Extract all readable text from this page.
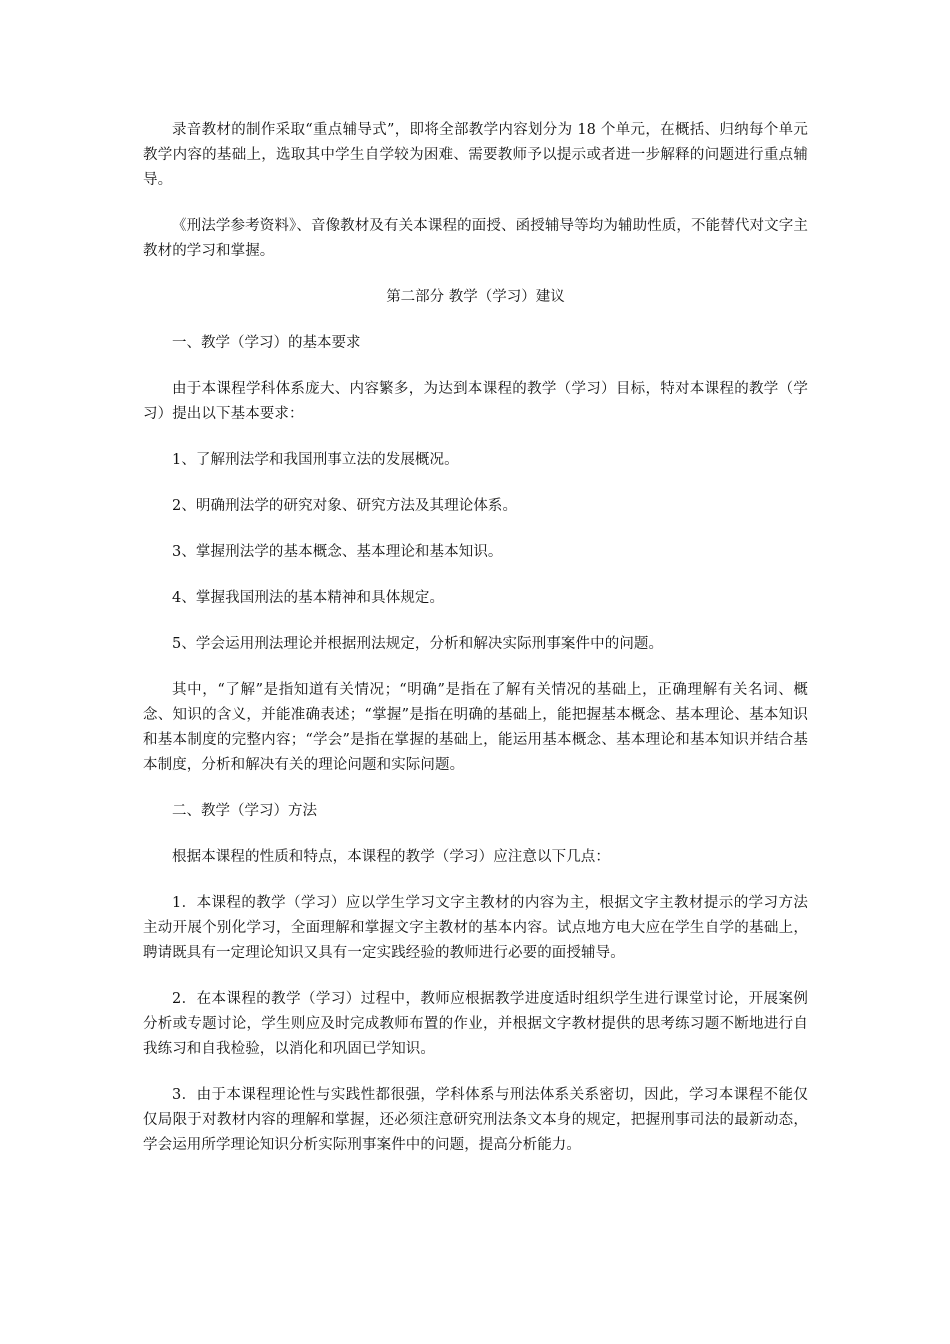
录音教材的制作采取“重点辅导式”，即将全部教学内容划分为 18 个单元，在概括、归纳每个单元教学内容的基础上，选取其中学生自学较为困难、需要教师予以提示或者进一步解释的问题进行重点辅导。

《刑法学参考资料》、音像教材及有关本课程的面授、函授辅导等均为辅助性质，不能替代对文字主教材的学习和掌握。

第二部分 教学（学习）建议

一、教学（学习）的基本要求

由于本课程学科体系庞大、内容繁多，为达到本课程的教学（学习）目标，特对本课程的教学（学习）提出以下基本要求：

1、了解刑法学和我国刑事立法的发展概况。

2、明确刑法学的研究对象、研究方法及其理论体系。

3、掌握刑法学的基本概念、基本理论和基本知识。

4、掌握我国刑法的基本精神和具体规定。

5、学会运用刑法理论并根据刑法规定，分析和解决实际刑事案件中的问题。

其中，“了解”是指知道有关情况；“明确”是指在了解有关情况的基础上，正确理解有关名词、概念、知识的含义，并能准确表述；“掌握”是指在明确的基础上，能把握基本概念、基本理论、基本知识和基本制度的完整内容；“学会”是指在掌握的基础上，能运用基本概念、基本理论和基本知识并结合基本制度，分析和解决有关的理论问题和实际问题。

二、教学（学习）方法

根据本课程的性质和特点，本课程的教学（学习）应注意以下几点：

1．本课程的教学（学习）应以学生学习文字主教材的内容为主，根据文字主教材提示的学习方法主动开展个别化学习，全面理解和掌握文字主教材的基本内容。试点地方电大应在学生自学的基础上，聘请既具有一定理论知识又具有一定实践经验的教师进行必要的面授辅导。

2．在本课程的教学（学习）过程中，教师应根据教学进度适时组织学生进行课堂讨论，开展案例分析或专题讨论，学生则应及时完成教师布置的作业，并根据文字教材提供的思考练习题不断地进行自我练习和自我检验，以消化和巩固已学知识。

3．由于本课程理论性与实践性都很强，学科体系与刑法体系关系密切，因此，学习本课程不能仅仅局限于对教材内容的理解和掌握，还必须注意研究刑法条文本身的规定，把握刑事司法的最新动态，学会运用所学理论知识分析实际刑事案件中的问题，提高分析能力。
